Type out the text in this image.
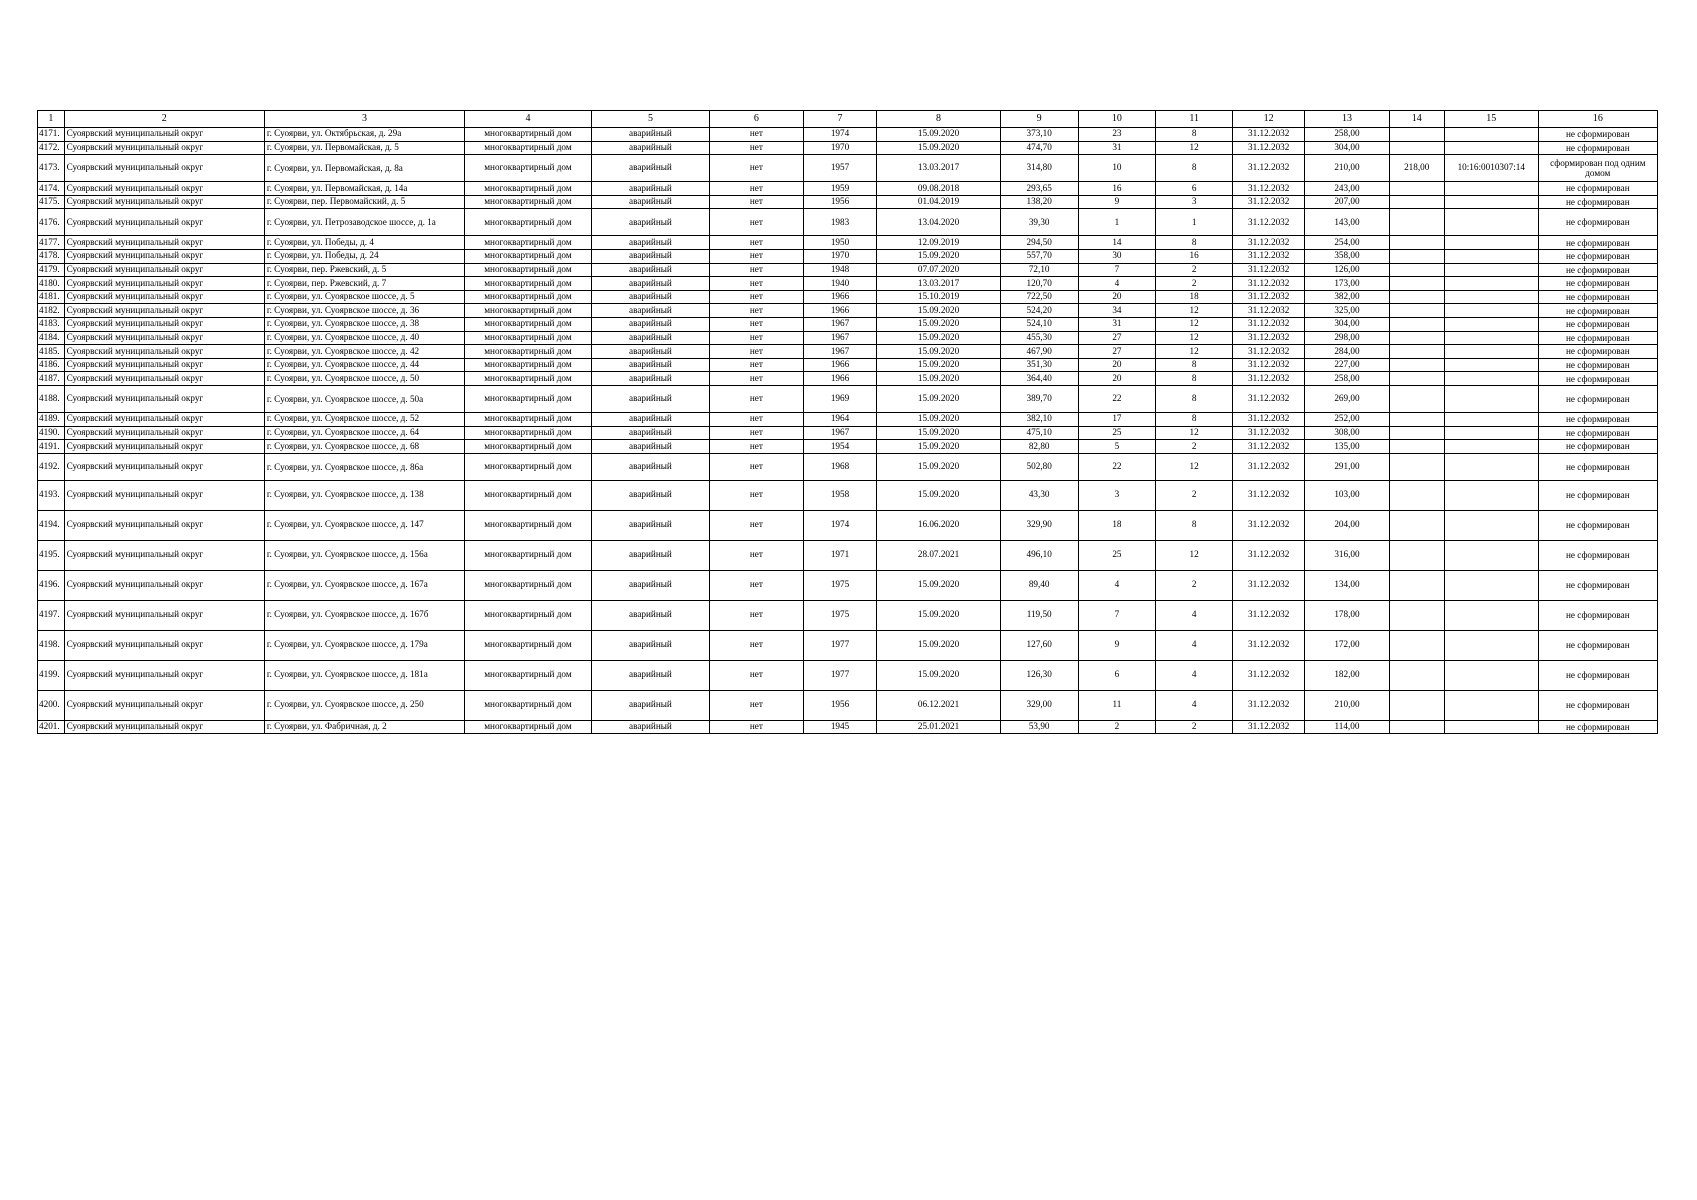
1	2	3	4	5	6	7	8	9	10	11	12	13	14	15	16
4171.	Суоярвский муниципальный округ	г. Суоярви, ул. Октябрьская, д. 29а	многоквартирный дом	аварийный	нет	1974	15.09.2020	373,10	23	8	31.12.2032	258,00			не сформирован
4172.	Суоярвский муниципальный округ	г. Суоярви, ул. Первомайская, д. 5	многоквартирный дом	аварийный	нет	1970	15.09.2020	474,70	31	12	31.12.2032	304,00			не сформирован
4173.	Суоярвский муниципальный округ	г. Суоярви, ул. Первомайская, д. 8а	многоквартирный дом	аварийный	нет	1957	13.03.2017	314,80	10	8	31.12.2032	210,00	218,00	10:16:0010307:14	сформирован под одним домом
4174.	Суоярвский муниципальный округ	г. Суоярви, ул. Первомайская, д. 14а	многоквартирный дом	аварийный	нет	1959	09.08.2018	293,65	16	6	31.12.2032	243,00			не сформирован
4175.	Суоярвский муниципальный округ	г. Суоярви, пер. Первомайский, д. 5	многоквартирный дом	аварийный	нет	1956	01.04.2019	138,20	9	3	31.12.2032	207,00			не сформирован
4176.	Суоярвский муниципальный округ	г. Суоярви, ул. Петрозаводское шоссе, д. 1а	многоквартирный дом	аварийный	нет	1983	13.04.2020	39,30	1	1	31.12.2032	143,00			не сформирован
4177.	Суоярвский муниципальный округ	г. Суоярви, ул. Победы, д. 4	многоквартирный дом	аварийный	нет	1950	12.09.2019	294,50	14	8	31.12.2032	254,00			не сформирован
4178.	Суоярвский муниципальный округ	г. Суоярви, ул. Победы, д. 24	многоквартирный дом	аварийный	нет	1970	15.09.2020	557,70	30	16	31.12.2032	358,00			не сформирован
4179.	Суоярвский муниципальный округ	г. Суоярви, пер. Ржевский, д. 5	многоквартирный дом	аварийный	нет	1948	07.07.2020	72,10	7	2	31.12.2032	126,00			не сформирован
4180.	Суоярвский муниципальный округ	г. Суоярви, пер. Ржевский, д. 7	многоквартирный дом	аварийный	нет	1940	13.03.2017	120,70	4	2	31.12.2032	173,00			не сформирован
4181.	Суоярвский муниципальный округ	г. Суоярви, ул. Суоярвское шоссе, д. 5	многоквартирный дом	аварийный	нет	1966	15.10.2019	722,50	20	18	31.12.2032	382,00			не сформирован
4182.	Суоярвский муниципальный округ	г. Суоярви, ул. Суоярвское шоссе, д. 36	многоквартирный дом	аварийный	нет	1966	15.09.2020	524,20	34	12	31.12.2032	325,00			не сформирован
4183.	Суоярвский муниципальный округ	г. Суоярви, ул. Суоярвское шоссе, д. 38	многоквартирный дом	аварийный	нет	1967	15.09.2020	524,10	31	12	31.12.2032	304,00			не сформирован
4184.	Суоярвский муниципальный округ	г. Суоярви, ул. Суоярвское шоссе, д. 40	многоквартирный дом	аварийный	нет	1967	15.09.2020	455,30	27	12	31.12.2032	298,00			не сформирован
4185.	Суоярвский муниципальный округ	г. Суоярви, ул. Суоярвское шоссе, д. 42	многоквартирный дом	аварийный	нет	1967	15.09.2020	467,90	27	12	31.12.2032	284,00			не сформирован
4186.	Суоярвский муниципальный округ	г. Суоярви, ул. Суоярвское шоссе, д. 44	многоквартирный дом	аварийный	нет	1966	15.09.2020	351,30	20	8	31.12.2032	227,00			не сформирован
4187.	Суоярвский муниципальный округ	г. Суоярви, ул. Суоярвское шоссе, д. 50	многоквартирный дом	аварийный	нет	1966	15.09.2020	364,40	20	8	31.12.2032	258,00			не сформирован
4188.	Суоярвский муниципальный округ	г. Суоярви, ул. Суоярвское шоссе, д. 50а	многоквартирный дом	аварийный	нет	1969	15.09.2020	389,70	22	8	31.12.2032	269,00			не сформирован
4189.	Суоярвский муниципальный округ	г. Суоярви, ул. Суоярвское шоссе, д. 52	многоквартирный дом	аварийный	нет	1964	15.09.2020	382,10	17	8	31.12.2032	252,00			не сформирован
4190.	Суоярвский муниципальный округ	г. Суоярви, ул. Суоярвское шоссе, д. 64	многоквартирный дом	аварийный	нет	1967	15.09.2020	475,10	25	12	31.12.2032	308,00			не сформирован
4191.	Суоярвский муниципальный округ	г. Суоярви, ул. Суоярвское шоссе, д. 68	многоквартирный дом	аварийный	нет	1954	15.09.2020	82,80	5	2	31.12.2032	135,00			не сформирован
4192.	Суоярвский муниципальный округ	г. Суоярви, ул. Суоярвское шоссе, д. 86а	многоквартирный дом	аварийный	нет	1968	15.09.2020	502,80	22	12	31.12.2032	291,00			не сформирован
4193.	Суоярвский муниципальный округ	г. Суоярви, ул. Суоярвское шоссе, д. 138	многоквартирный дом	аварийный	нет	1958	15.09.2020	43,30	3	2	31.12.2032	103,00			не сформирован
4194.	Суоярвский муниципальный округ	г. Суоярви, ул. Суоярвское шоссе, д. 147	многоквартирный дом	аварийный	нет	1974	16.06.2020	329,90	18	8	31.12.2032	204,00			не сформирован
4195.	Суоярвский муниципальный округ	г. Суоярви, ул. Суоярвское шоссе, д. 156а	многоквартирный дом	аварийный	нет	1971	28.07.2021	496,10	25	12	31.12.2032	316,00			не сформирован
4196.	Суоярвский муниципальный округ	г. Суоярви, ул. Суоярвское шоссе, д. 167а	многоквартирный дом	аварийный	нет	1975	15.09.2020	89,40	4	2	31.12.2032	134,00			не сформирован
4197.	Суоярвский муниципальный округ	г. Суоярви, ул. Суоярвское шоссе, д. 167б	многоквартирный дом	аварийный	нет	1975	15.09.2020	119,50	7	4	31.12.2032	178,00			не сформирован
4198.	Суоярвский муниципальный округ	г. Суоярви, ул. Суоярвское шоссе, д. 179а	многоквартирный дом	аварийный	нет	1977	15.09.2020	127,60	9	4	31.12.2032	172,00			не сформирован
4199.	Суоярвский муниципальный округ	г. Суоярви, ул. Суоярвское шоссе, д. 181а	многоквартирный дом	аварийный	нет	1977	15.09.2020	126,30	6	4	31.12.2032	182,00			не сформирован
4200.	Суоярвский муниципальный округ	г. Суоярви, ул. Суоярвское шоссе, д. 250	многоквартирный дом	аварийный	нет	1956	06.12.2021	329,00	11	4	31.12.2032	210,00			не сформирован
4201.	Суоярвский муниципальный округ	г. Суоярви, ул. Фабричная, д. 2	многоквартирный дом	аварийный	нет	1945	25.01.2021	53,90	2	2	31.12.2032	114,00			не сформирован
